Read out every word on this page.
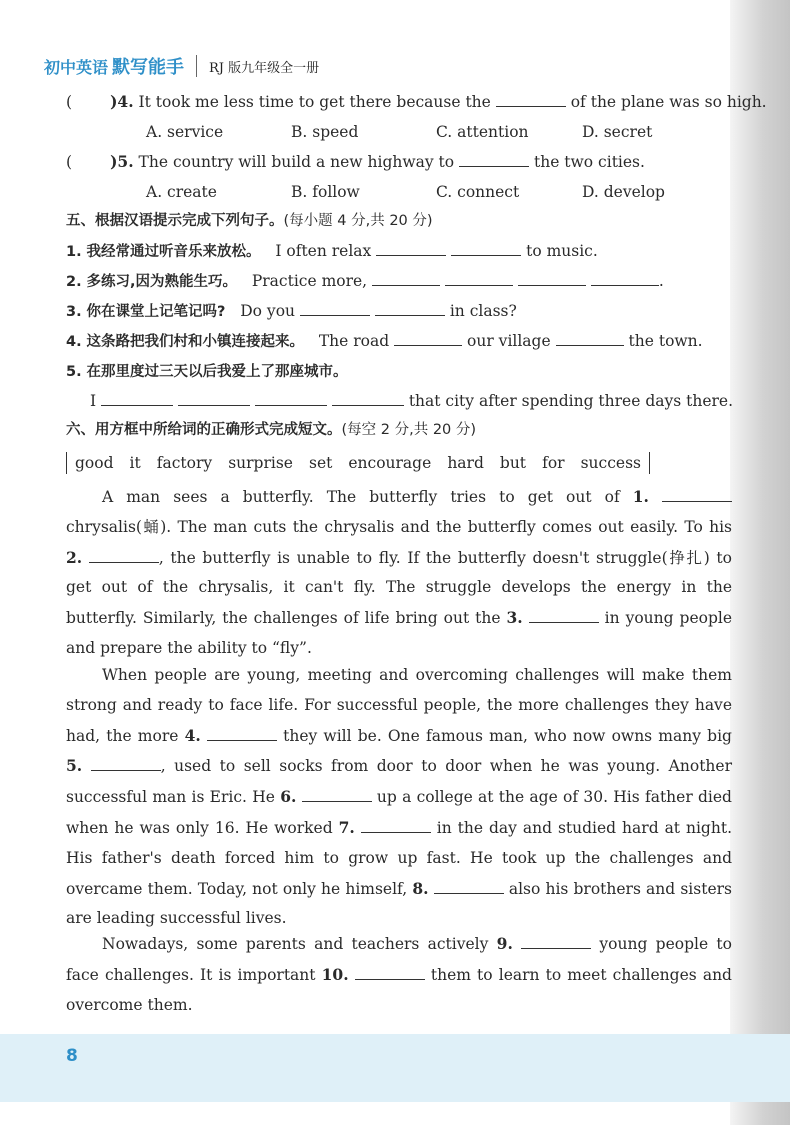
初中英语 默写能手 RJ 版九年级全一册
( )4. It took me less time to get there because the	of the plane was so high.
A. service	B. speed	C. attention	D. secret
( )5. The country will build a new highway to	the two cities.
A. create	B. follow	C. connect	D. develop
五、根据汉语提示完成下列句子。(每小题 4 分,共 20 分)
1. 我经常通过听音乐来放松。 I often relax	to music.
2. 多练习,因为熟能生巧。 Practice more,	.
3. 你在课堂上记笔记吗? Do you	in class?
4. 这条路把我们村和小镇连接起来。 The road	our village	the town.
5. 在那里度过三天以后我爱上了那座城市。
I	that city after spending three days there.
六、用方框中所给词的正确形式完成短文。(每空 2 分,共 20 分)
good it factory surprise set encourage hard but for success
A man sees a butterfly. The butterfly tries to get out of 1.  chrysalis(蛹). The man cuts the chrysalis and the butterfly comes out easily. To his 2.	, the butterfly is unable to fly. If the butterfly doesn't struggle(挣扎) to get out of the chrysalis, it can't fly. The struggle develops the energy in the butterfly. Similarly, the challenges of life bring out the 3.	in young people and prepare the ability to “fly”.
When people are young, meeting and overcoming challenges will make them strong and ready to face life. For successful people, the more challenges they have had, the more 4.	they will be. One famous man, who now owns many big 5.	, used to sell socks from door to door when he was young. Another successful man is Eric. He 6.	up a college at the age of 30. His father died when he was only 16. He worked 7.	in the day and studied hard at night. His father's death forced him to grow up fast. He took up the challenges and overcame them. Today, not only he himself, 8.	also his brothers and sisters are leading successful lives.
Nowadays, some parents and teachers actively 9.	young people to face challenges. It is important 10.	them to learn to meet challenges and overcome them.
8
